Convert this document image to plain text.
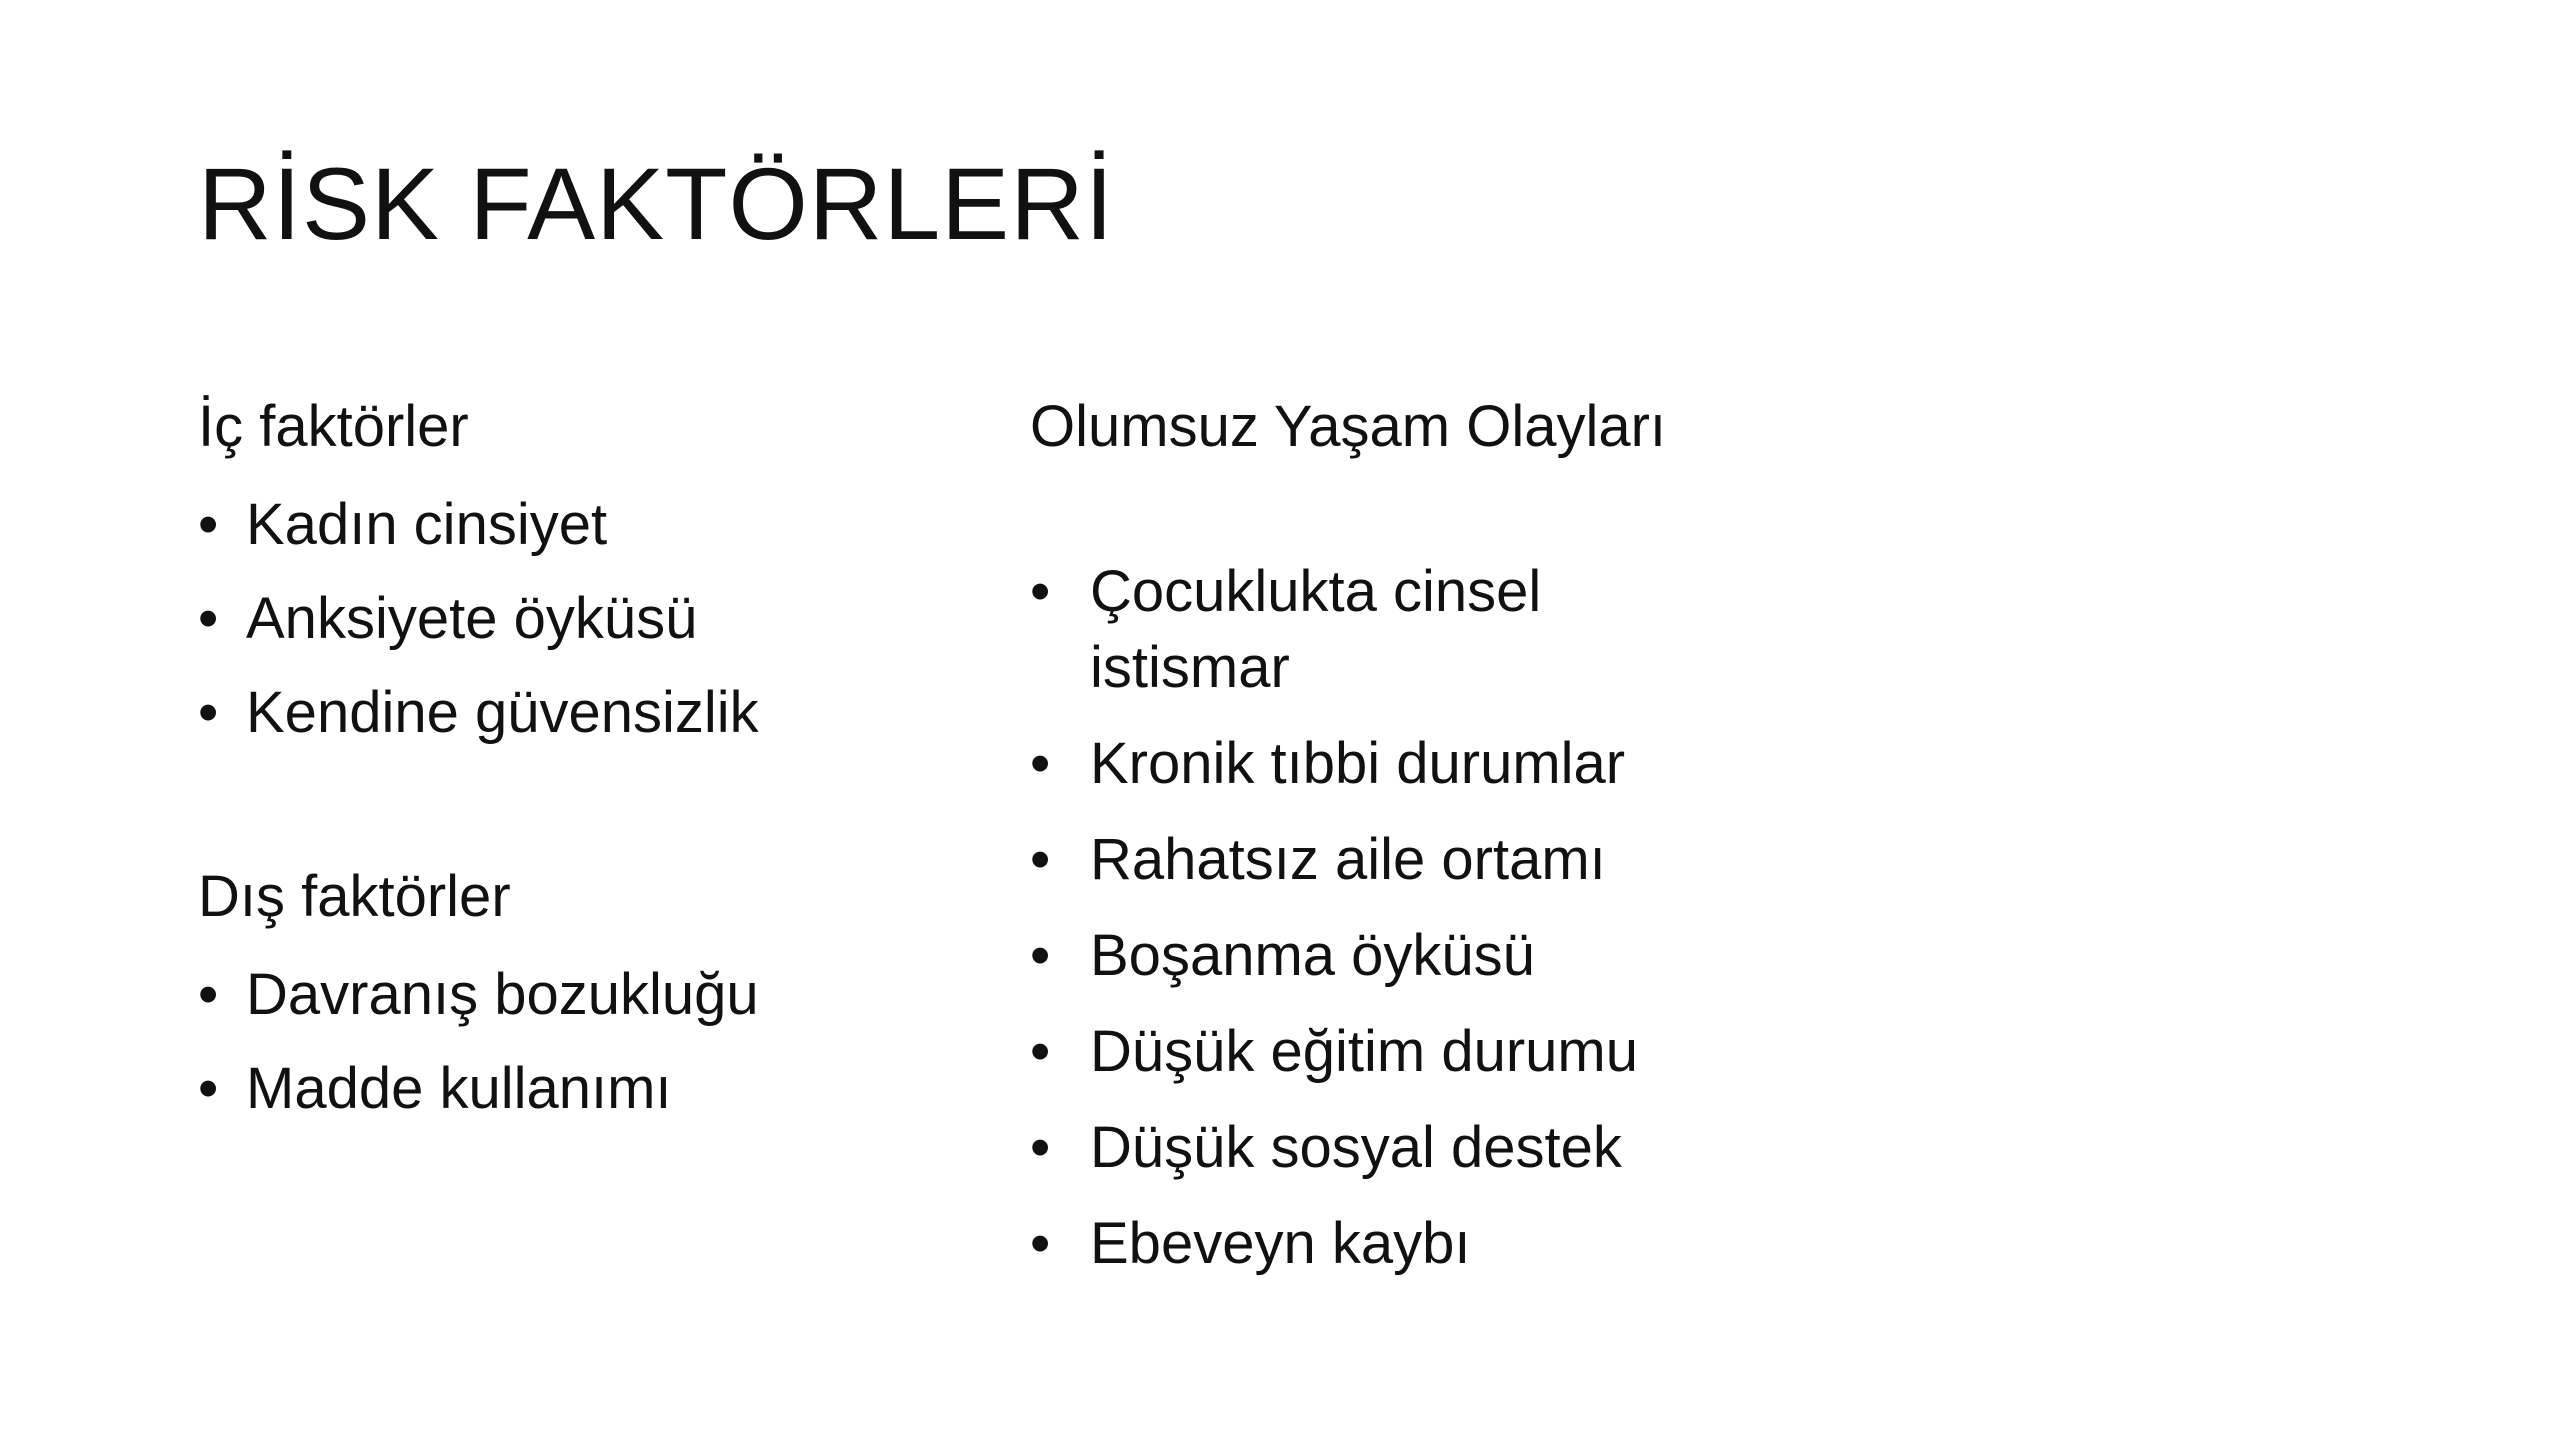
RİSK FAKTÖRLERİ
İç faktörler
• Kadın cinsiyet
• Anksiyete öyküsü
• Kendine güvensizlik
Dış faktörler
• Davranış bozukluğu
• Madde kullanımı
Olumsuz Yaşam Olayları
• Çocuklukta cinsel istismar
• Kronik tıbbi durumlar
• Rahatsız aile ortamı
• Boşanma öyküsü
• Düşük eğitim durumu
• Düşük sosyal destek
• Ebeveyn kaybı
